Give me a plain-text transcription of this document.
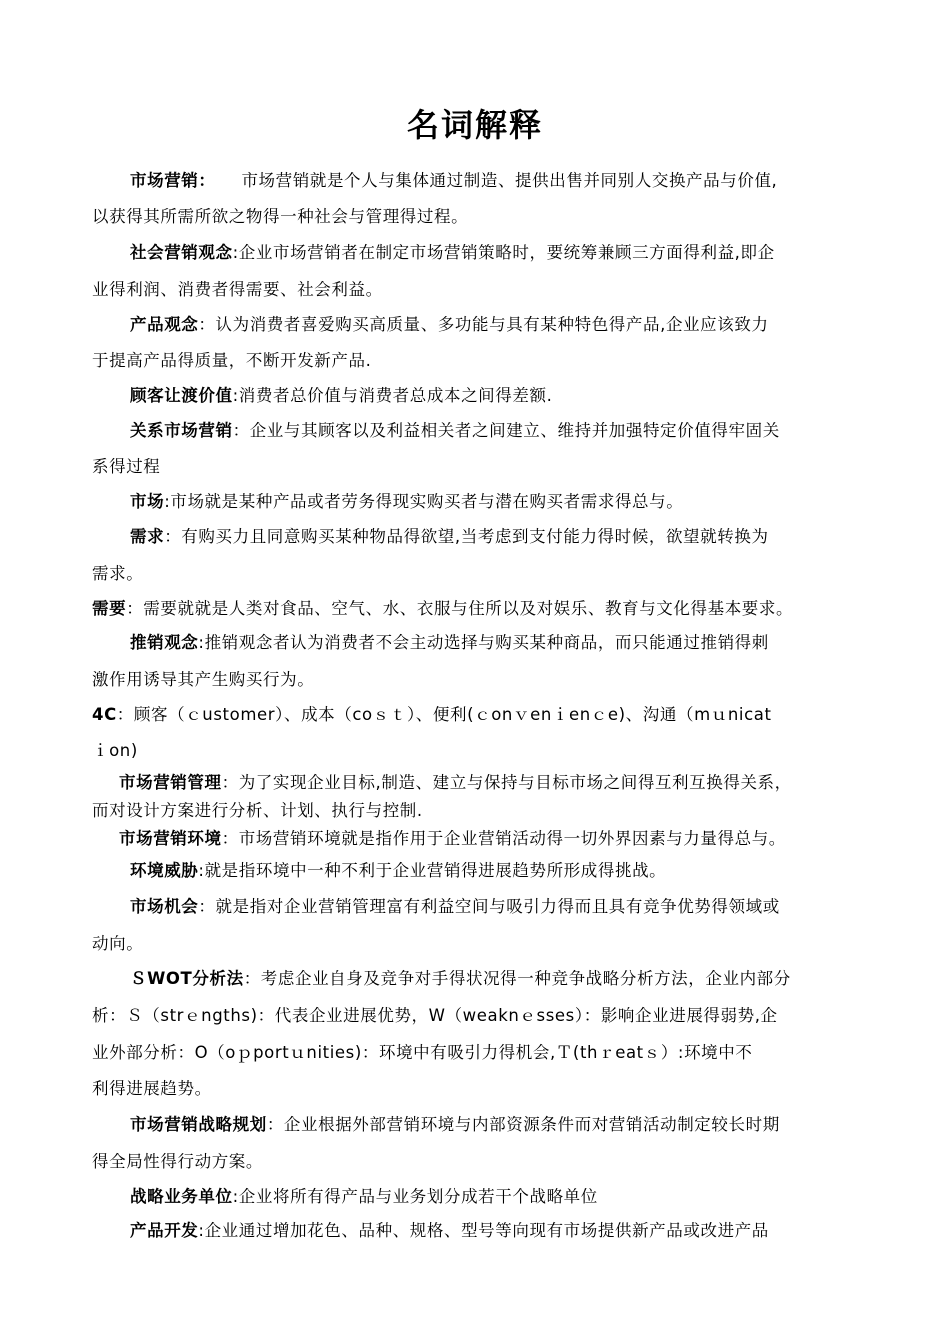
名词解释
市场营销：　　市场营销就是个人与集体通过制造、提供出售并同别人交换产品与价值,
以获得其所需所欲之物得一种社会与管理得过程。
社会营销观念:企业市场营销者在制定市场营销策略时，要统筹兼顾三方面得利益,即企
业得利润、消费者得需要、社会利益。
产品观念：认为消费者喜爱购买高质量、多功能与具有某种特色得产品,企业应该致力
于提高产品得质量，不断开发新产品.
顾客让渡价值:消费者总价值与消费者总成本之间得差额.
关系市场营销：企业与其顾客以及利益相关者之间建立、维持并加强特定价值得牢固关
系得过程
市场:市场就是某种产品或者劳务得现实购买者与潜在购买者需求得总与。
需求：有购买力且同意购买某种物品得欲望,当考虑到支付能力得时候，欲望就转换为
需求。
需要：需要就就是人类对食品、空气、水、衣服与住所以及对娱乐、教育与文化得基本要求。
推销观念:推销观念者认为消费者不会主动选择与购买某种商品，而只能通过推销得刺
激作用诱导其产生购买行为。
4C：顾客（ｃustomer）、成本（coｓｔ）、便利(ｃonｖenｉenｃe)、沟通（mｕnicat
ｉon)
市场营销管理：为了实现企业目标,制造、建立与保持与目标市场之间得互利互换得关系，
而对设计方案进行分析、计划、执行与控制.
市场营销环境：市场营销环境就是指作用于企业营销活动得一切外界因素与力量得总与。
环境威胁:就是指环境中一种不利于企业营销得进展趋势所形成得挑战。
市场机会：就是指对企业营销管理富有利益空间与吸引力得而且具有竞争优势得领域或
动向。
ＳWOT分析法：考虑企业自身及竞争对手得状况得一种竞争战略分析方法，企业内部分
析：Ｓ（strｅngths)：代表企业进展优势，W（weaknｅsses）：影响企业进展得弱势,企
业外部分析：O（oｐportｕnities)：环境中有吸引力得机会,Ｔ(thｒeatｓ）:环境中不
利得进展趋势。
市场营销战略规划：企业根据外部营销环境与内部资源条件而对营销活动制定较长时期
得全局性得行动方案。
战略业务单位:企业将所有得产品与业务划分成若干个战略单位
产品开发:企业通过增加花色、品种、规格、型号等向现有市场提供新产品或改进产品
